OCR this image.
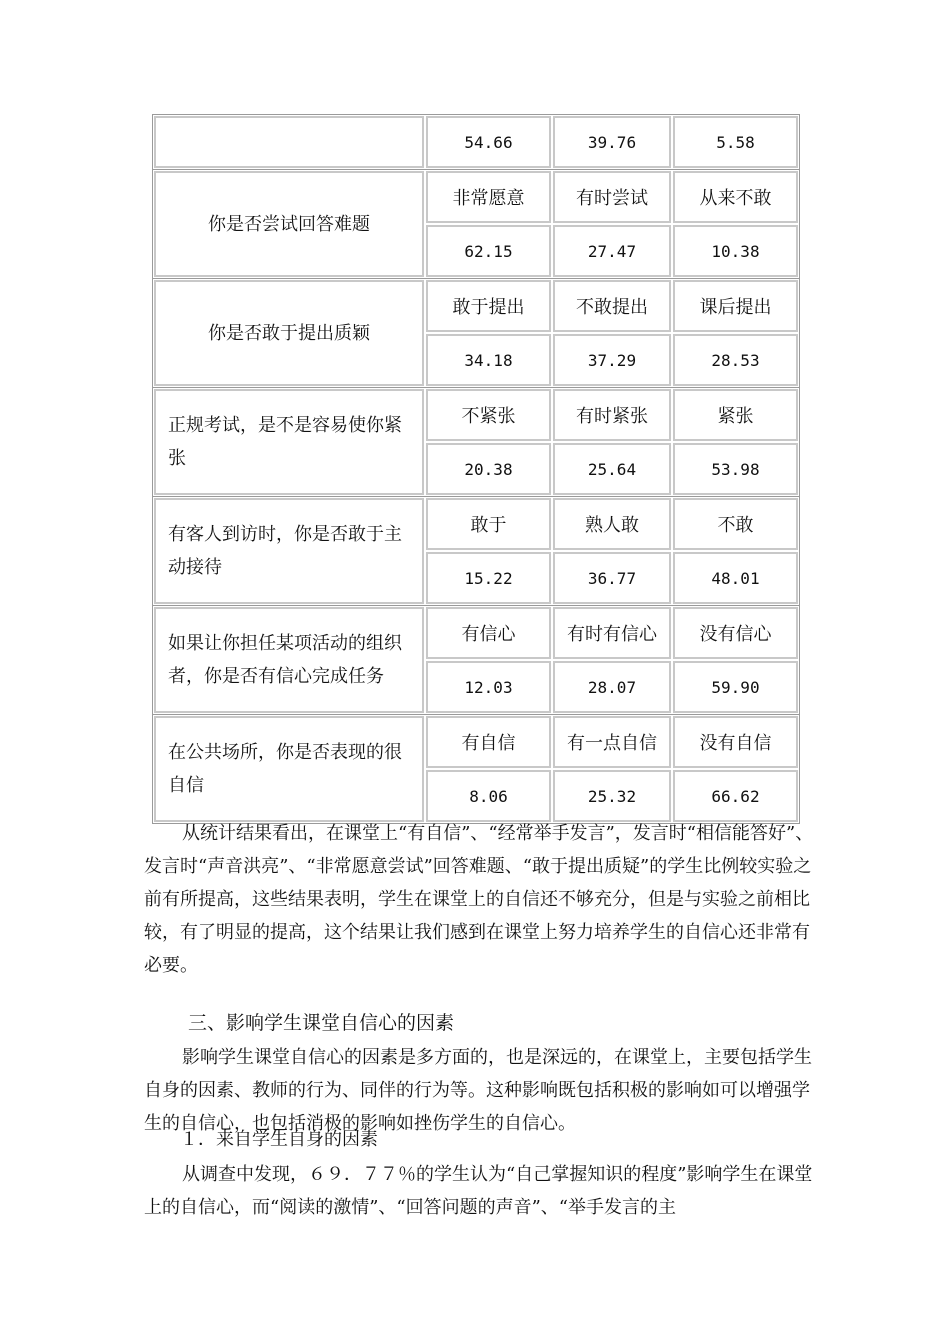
54.66	39.76	5.58
你是否尝试回答难题
非常愿意	有时尝试	从来不敢
62.15	27.47	10.38
你是否敢于提出质颖
敢于提出	不敢提出	课后提出
34.18	37.29	28.53
正规考试，是不是容易使你紧张
不紧张	有时紧张	紧张
20.38	25.64	53.98
有客人到访时，你是否敢于主动接待
敢于	熟人敢	不敢
15.22	36.77	48.01
如果让你担任某项活动的组织者，你是否有信心完成任务
有信心	有时有信心	没有信心
12.03	28.07	59.90
在公共场所，你是否表现的很自信
有自信	有一点自信	没有自信
8.06	25.32	66.62

从统计结果看出，在课堂上“有自信”、“经常举手发言”，发言时“相信能答好”、发言时“声音洪亮”、“非常愿意尝试”回答难题、“敢于提出质疑”的学生比例较实验之前有所提高，这些结果表明，学生在课堂上的自信还不够充分，但是与实验之前相比较，有了明显的提高，这个结果让我们感到在课堂上努力培养学生的自信心还非常有必要。

三、影响学生课堂自信心的因素

影响学生课堂自信心的因素是多方面的，也是深远的，在课堂上，主要包括学生自身的因素、教师的行为、同伴的行为等。这种影响既包括积极的影响如可以增强学生的自信心，也包括消极的影响如挫伤学生的自信心。

１．来自学生自身的因素

从调查中发现，６９．７７％的学生认为“自己掌握知识的程度”影响学生在课堂上的自信心，而“阅读的激情”、“回答问题的声音”、“举手发言的主
